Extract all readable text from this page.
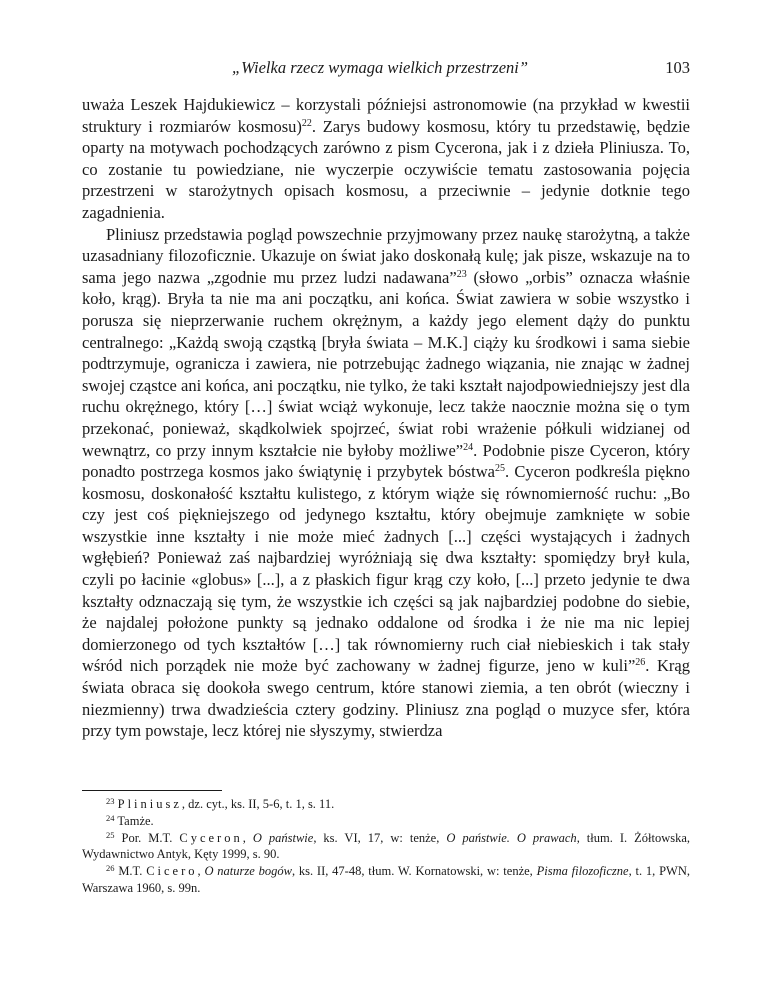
„Wielka rzecz wymaga wielkich przestrzeni”	103

uważa Leszek Hajdukiewicz – korzystali późniejsi astronomowie (na przykład w kwestii struktury i rozmiarów kosmosu)$^{22}$. Zarys budowy kosmosu, który tu przedstawię, będzie oparty na motywach pochodzących zarówno z pism Cycerona, jak i z dzieła Pliniusza. To, co zostanie tu powiedziane, nie wyczerpie oczywiście tematu zastosowania pojęcia przestrzeni w starożytnych opisach kosmosu, a przeciwnie – jedynie dotknie tego zagadnienia.

Pliniusz przedstawia pogląd powszechnie przyjmowany przez naukę starożytną, a także uzasadniany filozoficznie. Ukazuje on świat jako doskonałą kulę; jak pisze, wskazuje na to sama jego nazwa „zgodnie mu przez ludzi nadawana”$^{23}$ (słowo „orbis” oznacza właśnie koło, krąg). Bryła ta nie ma ani początku, ani końca. Świat zawiera w sobie wszystko i porusza się nieprzerwanie ruchem okrężnym, a każdy jego element dąży do punktu centralnego: „Każdą swoją cząstką [bryła świata – M.K.] ciąży ku środkowi i sama siebie podtrzymuje, ogranicza i zawiera, nie potrzebując żadnego wiązania, nie znając w żadnej swojej cząstce ani końca, ani początku, nie tylko, że taki kształt najodpowiedniejszy jest dla ruchu okrężnego, który […] świat wciąż wykonuje, lecz także naocznie można się o tym przekonać, ponieważ, skądkolwiek spojrzeć, świat robi wrażenie półkuli widzianej od wewnątrz, co przy innym kształcie nie byłoby możliwe”$^{24}$. Podobnie pisze Cyceron, który ponadto postrzega kosmos jako świątynię i przybytek bóstwa$^{25}$. Cyceron podkreśla piękno kosmosu, doskonałość kształtu kulistego, z którym wiąże się równomierność ruchu: „Bo czy jest coś piękniejszego od jedynego kształtu, który obejmuje zamknięte w sobie wszystkie inne kształty i nie może mieć żadnych [...] części wystających i żadnych wgłębień? Ponieważ zaś najbardziej wyróżniają się dwa kształty: spomiędzy brył kula, czyli po łacinie «globus» [...], a z płaskich figur krąg czy koło, [...] przeto jedynie te dwa kształty odznaczają się tym, że wszystkie ich części są jak najbardziej podobne do siebie, że najdalej położone punkty są jednako oddalone od środka i że nie ma nic lepiej domierzonego od tych kształtów […] tak równomierny ruch ciał niebieskich i tak stały wśród nich porządek nie może być zachowany w żadnej figurze, jeno w kuli”$^{26}$. Krąg świata obraca się dookoła swego centrum, które stanowi ziemia, a ten obrót (wieczny i niezmienny) trwa dwadzieścia cztery godziny. Pliniusz zna pogląd o muzyce sfer, która przy tym powstaje, lecz której nie słyszymy, stwierdza

$^{23}$ Pliniusz, dz. cyt., ks. II, 5-6, t. 1, s. 11.

$^{24}$ Tamże.

$^{25}$ Por. M.T. Cyceron, O państwie, ks. VI, 17, w: tenże, O państwie. O prawach, tłum. I. Żółtowska, Wydawnictwo Antyk, Kęty 1999, s. 90.

$^{26}$ M.T. Cicero, O naturze bogów, ks. II, 47-48, tłum. W. Kornatowski, w: tenże, Pisma filozoficzne, t. 1, PWN, Warszawa 1960, s. 99n.
